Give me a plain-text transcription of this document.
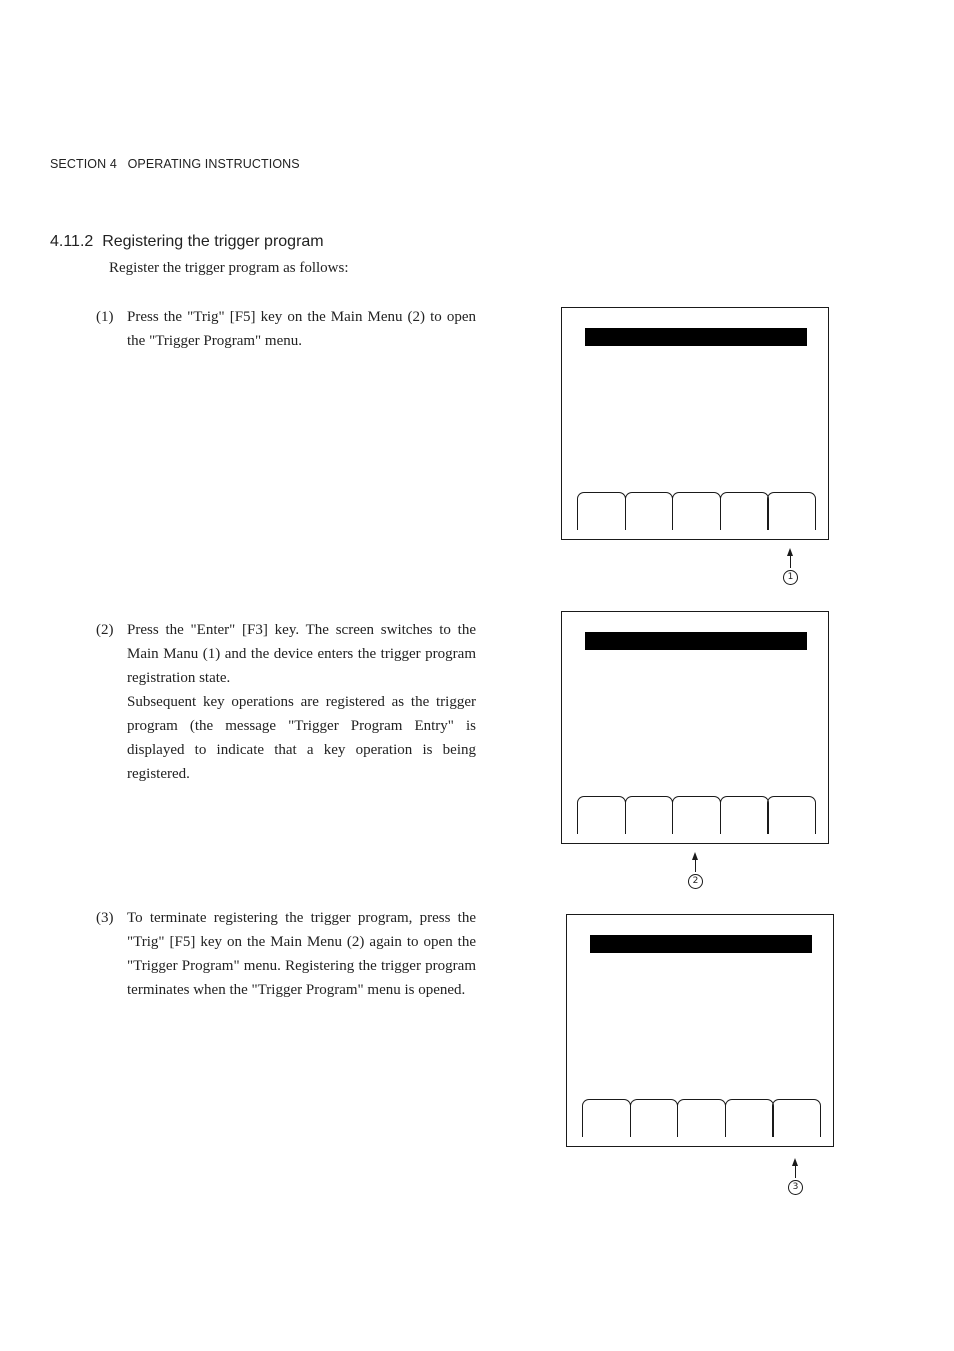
SECTION 4 OPERATING INSTRUCTIONS
4.11.2 Registering the trigger program
Register the trigger program as follows:
(1) Press the "Trig" [F5] key on the Main Menu (2) to open the "Trigger Program" menu.

(2) Press the "Enter" [F3] key. The screen switches to the Main Manu (1) and the device enters the trigger program registration state.

Subsequent key operations are registered as the trigger program (the message "Trigger Program Entry" is displayed to indicate that a key operation is being registered.

(3) To terminate registering the trigger program, press the "Trig" [F5] key on the Main Menu (2) again to open the "Trigger Program" menu. Registering the trigger program terminates when the "Trigger Program" menu is opened.

1
2
3
